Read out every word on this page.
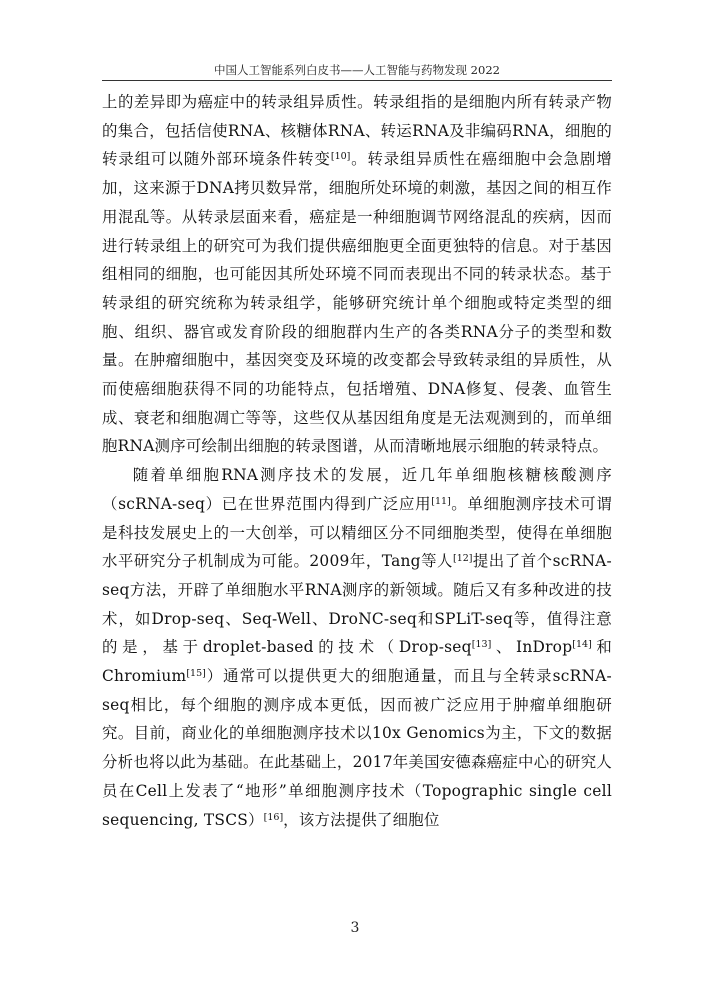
中国人工智能系列白皮书——人工智能与药物发现 2022

上的差异即为癌症中的转录组异质性。转录组指的是细胞内所有转录产物的集合，包括信使RNA、核糖体RNA、转运RNA及非编码RNA，细胞的转录组可以随外部环境条件转变[10]。转录组异质性在癌细胞中会急剧增加，这来源于DNA拷贝数异常，细胞所处环境的刺激，基因之间的相互作用混乱等。从转录层面来看，癌症是一种细胞调节网络混乱的疾病，因而进行转录组上的研究可为我们提供癌细胞更全面更独特的信息。对于基因组相同的细胞，也可能因其所处环境不同而表现出不同的转录状态。基于转录组的研究统称为转录组学，能够研究统计单个细胞或特定类型的细胞、组织、器官或发育阶段的细胞群内生产的各类RNA分子的类型和数量。在肿瘤细胞中，基因突变及环境的改变都会导致转录组的异质性，从而使癌细胞获得不同的功能特点，包括增殖、DNA修复、侵袭、血管生成、衰老和细胞凋亡等等，这些仅从基因组角度是无法观测到的，而单细胞RNA测序可绘制出细胞的转录图谱，从而清晰地展示细胞的转录特点。

随着单细胞RNA测序技术的发展，近几年单细胞核糖核酸测序（scRNA-seq）已在世界范围内得到广泛应用[11]。单细胞测序技术可谓是科技发展史上的一大创举，可以精细区分不同细胞类型，使得在单细胞水平研究分子机制成为可能。2009年，Tang等人[12]提出了首个scRNA-seq方法，开辟了单细胞水平RNA测序的新领域。随后又有多种改进的技术，如Drop-seq、Seq-Well、DroNC-seq和SPLiT-seq等，值得注意的是，基于droplet-based的技术（Drop-seq[13]、InDrop[14]和Chromium[15]）通常可以提供更大的细胞通量，而且与全转录scRNA-seq相比，每个细胞的测序成本更低，因而被广泛应用于肿瘤单细胞研究。目前，商业化的单细胞测序技术以10x Genomics为主，下文的数据分析也将以此为基础。在此基础上，2017年美国安德森癌症中心的研究人员在Cell上发表了“地形”单细胞测序技术（Topographic single cell sequencing, TSCS）[16]，该方法提供了细胞位

3
